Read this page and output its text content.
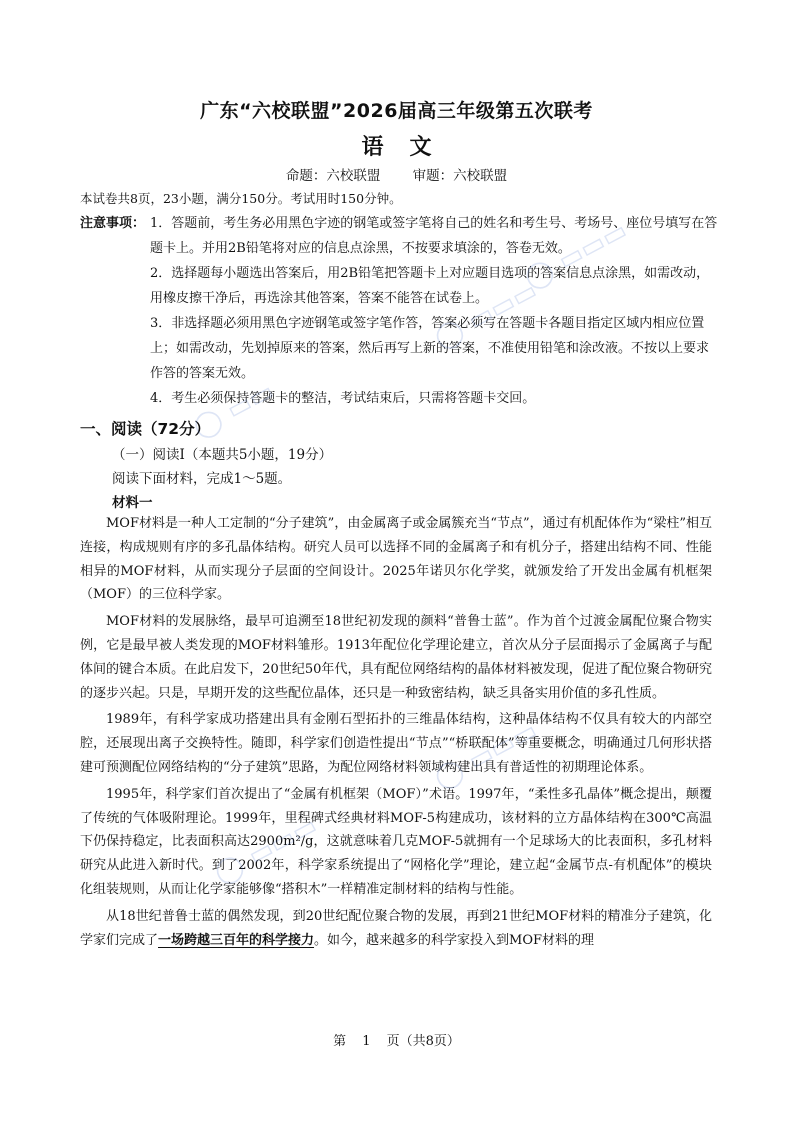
广东“六校联盟”2026届高三年级第五次联考
语文
命题：六校联盟 审题：六校联盟
本试卷共8页，23小题，满分150分。考试用时150分钟。
注意事项： 1．答题前，考生务必用黑色字迹的钢笔或签字笔将自己的姓名和考生号、考场号、座位号填写在答题卡上。并用2B铅笔将对应的信息点涂黑，不按要求填涂的，答卷无效。
2．选择题每小题选出答案后，用2B铅笔把答题卡上对应题目选项的答案信息点涂黑，如需改动，用橡皮擦干净后，再选涂其他答案，答案不能答在试卷上。
3．非选择题必须用黑色字迹钢笔或签字笔作答，答案必须写在答题卡各题目指定区域内相应位置上；如需改动，先划掉原来的答案，然后再写上新的答案，不准使用铅笔和涂改液。不按以上要求作答的答案无效。
4．考生必须保持答题卡的整洁，考试结束后，只需将答题卡交回。
一、阅读（72分）
（一）阅读Ⅰ（本题共5小题，19分）
阅读下面材料，完成1～5题。
材料一

MOF材料是一种人工定制的“分子建筑”，由金属离子或金属簇充当“节点”，通过有机配体作为“梁柱”相互连接，构成规则有序的多孔晶体结构。研究人员可以选择不同的金属离子和有机分子，搭建出结构不同、性能相异的MOF材料，从而实现分子层面的空间设计。2025年诺贝尔化学奖，就颁发给了开发出金属有机框架（MOF）的三位科学家。

MOF材料的发展脉络，最早可追溯至18世纪初发现的颜料“普鲁士蓝”。作为首个过渡金属配位聚合物实例，它是最早被人类发现的MOF材料雏形。1913年配位化学理论建立，首次从分子层面揭示了金属离子与配体间的键合本质。在此启发下，20世纪50年代，具有配位网络结构的晶体材料被发现，促进了配位聚合物研究的逐步兴起。只是，早期开发的这些配位晶体，还只是一种致密结构，缺乏具备实用价值的多孔性质。

1989年，有科学家成功搭建出具有金刚石型拓扑的三维晶体结构，这种晶体结构不仅具有较大的内部空腔，还展现出离子交换特性。随即，科学家们创造性提出“节点”“桥联配体”等重要概念，明确通过几何形状搭建可预测配位网络结构的“分子建筑”思路，为配位网络材料领域构建出具有普适性的初期理论体系。

1995年，科学家们首次提出了“金属有机框架（MOF）”术语。1997年，“柔性多孔晶体”概念提出，颠覆了传统的气体吸附理论。1999年，里程碑式经典材料MOF-5构建成功，该材料的立方晶体结构在300℃高温下仍保持稳定，比表面积高达2900m²/g，这就意味着几克MOF-5就拥有一个足球场大的比表面积，多孔材料研究从此进入新时代。到了2002年，科学家系统提出了“网格化学”理论，建立起“金属节点-有机配体”的模块化组装规则，从而让化学家能够像“搭积木”一样精准定制材料的结构与性能。

从18世纪普鲁士蓝的偶然发现，到20世纪配位聚合物的发展，再到21世纪MOF材料的精准分子建筑，化学家们完成了一场跨越三百年的科学接力。如今，越来越多的科学家投入到MOF材料的理

第 1 页（共8页）
◯ ▭▭▭
◯ ▭▭▭
◯ ▭▭
◯ ▭▭▭
◯ ▭▭▭
